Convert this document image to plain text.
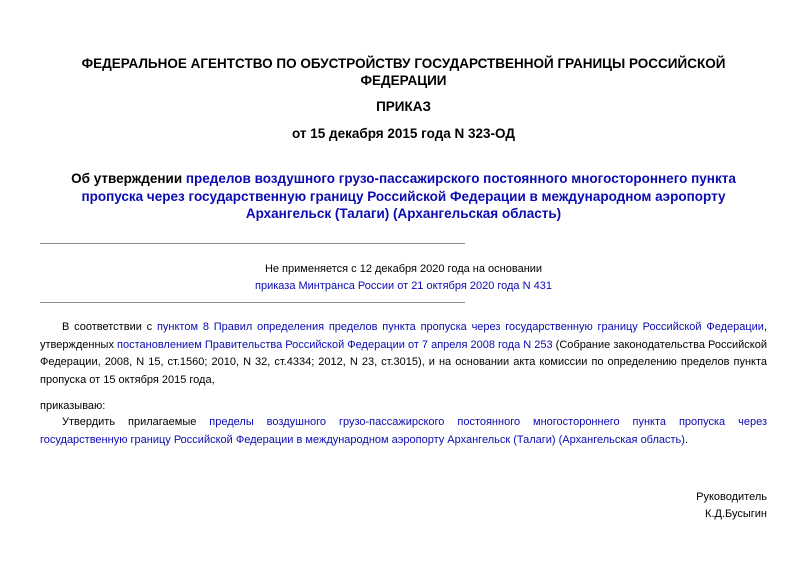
ФЕДЕРАЛЬНОЕ АГЕНТСТВО ПО ОБУСТРОЙСТВУ ГОСУДАРСТВЕННОЙ ГРАНИЦЫ РОССИЙСКОЙ ФЕДЕРАЦИИ
ПРИКАЗ
от 15 декабря 2015 года N 323-ОД
Об утверждении пределов воздушного грузо-пассажирского постоянного многостороннего пункта пропуска через государственную границу Российской Федерации в международном аэропорту Архангельск (Талаги) (Архангельская область)
Не применяется с 12 декабря 2020 года на основании
приказа Минтранса России от 21 октября 2020 года N 431
В соответствии с пунктом 8 Правил определения пределов пункта пропуска через государственную границу Российской Федерации, утвержденных постановлением Правительства Российской Федерации от 7 апреля 2008 года N 253 (Собрание законодательства Российской Федерации, 2008, N 15, ст.1560; 2010, N 32, ст.4334; 2012, N 23, ст.3015), и на основании акта комиссии по определению пределов пункта пропуска от 15 октября 2015 года,
приказываю:
Утвердить прилагаемые пределы воздушного грузо-пассажирского постоянного многостороннего пункта пропуска через государственную границу Российской Федерации в международном аэропорту Архангельск (Талаги) (Архангельская область).
Руководитель
К.Д.Бусыгин
